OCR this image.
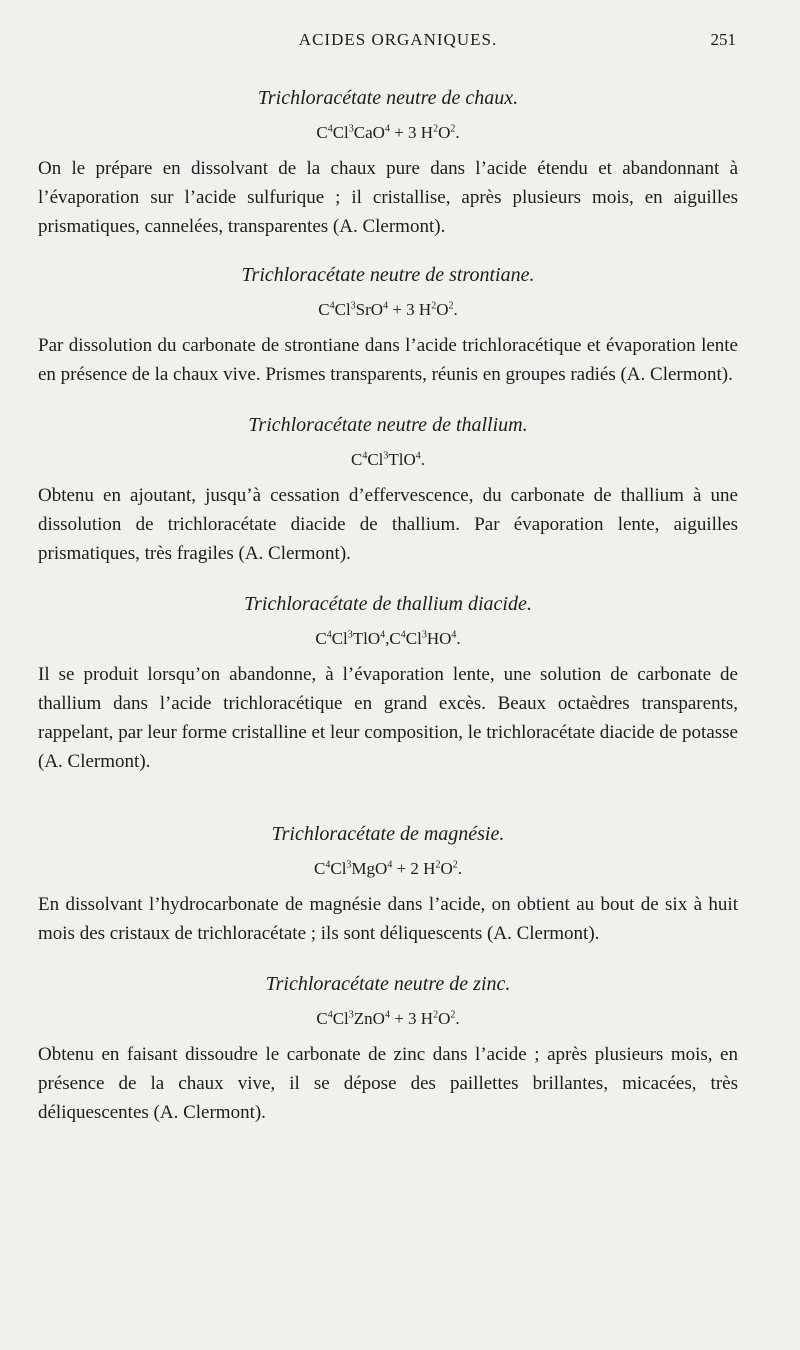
ACIDES ORGANIQUES.	251

Trichloracétate neutre de chaux.

$C^4Cl^3CaO^4 + 3$ $H^2O^2$.

On le prépare en dissolvant de la chaux pure dans l’acide étendu et abandonnant à l’évaporation sur l’acide sulfurique ; il cristallise, après plusieurs mois, en aiguilles prismatiques, cannelées, transparentes (A. Clermont).

Trichloracétate neutre de strontiane.

$C^4Cl^3SrO^4 + 3$ $H^2O^2$.

Par dissolution du carbonate de strontiane dans l’acide trichloracétique et évaporation lente en présence de la chaux vive. Prismes transparents, réunis en groupes radiés (A. Clermont).

Trichloracétate neutre de thallium.

$C^4Cl^3TlO^4$.

Obtenu en ajoutant, jusqu’à cessation d’effervescence, du carbonate de thallium à une dissolution de trichloracétate diacide de thallium. Par évaporation lente, aiguilles prismatiques, très fragiles (A. Clermont).

Trichloracétate de thallium diacide.

$C^4Cl^3TlO^4,C^4Cl^3HO^4$.

Il se produit lorsqu’on abandonne, à l’évaporation lente, une solution de carbonate de thallium dans l’acide trichloracétique en grand excès. Beaux octaèdres transparents, rappelant, par leur forme cristalline et leur composition, le trichloracétate diacide de potasse (A. Clermont).

Trichloracétate de magnésie.

$C^4Cl^3MgO^4 + 2$ $H^2O^2$.

En dissolvant l’hydrocarbonate de magnésie dans l’acide, on obtient au bout de six à huit mois des cristaux de trichloracétate ; ils sont déliquescents (A. Clermont).

Trichloracétate neutre de zinc.

$C^4Cl^3ZnO^4 + 3$ $H^2O^2$.

Obtenu en faisant dissoudre le carbonate de zinc dans l’acide ; après plusieurs mois, en présence de la chaux vive, il se dépose des paillettes brillantes, micacées, très déliquescentes (A. Clermont).
